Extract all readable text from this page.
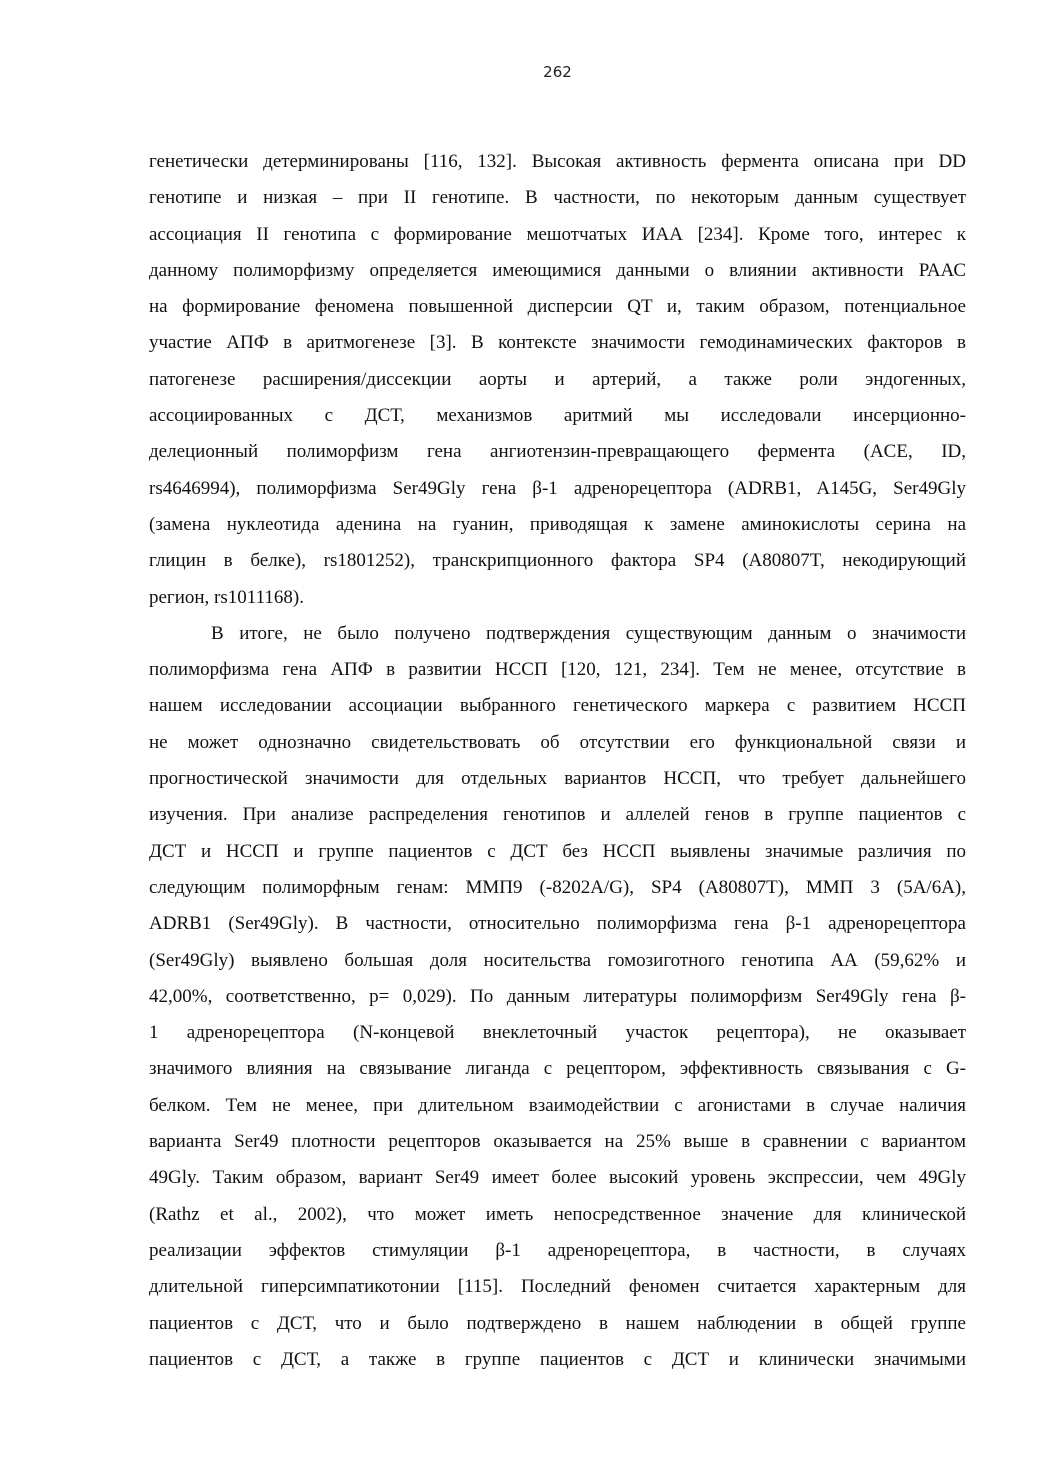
262
генетически детерминированы [116, 132]. Высокая активность фермента описана при DD
генотипе и низкая – при II генотипе. В частности, по некоторым данным существует
ассоциация II генотипа с формирование мешотчатых ИАА [234]. Кроме того, интерес к
данному полиморфизму определяется имеющимися данными о влиянии активности РААС
на формирование феномена повышенной дисперсии QT и, таким образом, потенциальное
участие АПФ в аритмогенезе [3]. В контексте значимости гемодинамических факторов в
патогенезе расширения/диссекции аорты и артерий, а также роли эндогенных,
ассоциированных с ДСТ, механизмов аритмий мы исследовали инсерционно-
делеционный полиморфизм гена ангиотензин-превращающего фермента (ACE, ID,
rs4646994), полиморфизма Ser49Gly гена β-1 адренорецептора (ADRB1, A145G, Ser49Gly
(замена нуклеотида аденина на гуанин, приводящая к замене аминокислоты серина на
глицин в белке), rs1801252), транскрипционного фактора SP4 (A80807T, некодирующий
регион, rs1011168).
В итоге, не было получено подтверждения существующим данным о значимости
полиморфизма гена АПФ в развитии НССП [120, 121, 234]. Тем не менее, отсутствие в
нашем исследовании ассоциации выбранного генетического маркера с развитием НССП
не может однозначно свидетельствовать об отсутствии его функциональной связи и
прогностической значимости для отдельных вариантов НССП, что требует дальнейшего
изучения. При анализе распределения генотипов и аллелей генов в группе пациентов с
ДСТ и НССП и группе пациентов с ДСТ без НССП выявлены значимые различия по
следующим полиморфным генам: ММП9 (-8202A/G), SP4 (A80807T), ММП 3 (5A/6A),
ADRB1 (Ser49Gly). В частности, относительно полиморфизма гена β-1 адренорецептора
(Ser49Gly) выявлено большая доля носительства гомозиготного генотипа АА (59,62% и
42,00%, соответственно, p= 0,029). По данным литературы полиморфизм Ser49Gly гена β-
1 адренорецептора (N-концевой внеклеточный участок рецептора), не оказывает
значимого влияния на связывание лиганда с рецептором, эффективность связывания с G-
белком. Тем не менее, при длительном взаимодействии с агонистами в случае наличия
варианта Ser49 плотности рецепторов оказывается на 25% выше в сравнении с вариантом
49Gly. Таким образом, вариант Ser49 имеет более высокий уровень экспрессии, чем 49Gly
(Rathz et al., 2002), что может иметь непосредственное значение для клинической
реализации эффектов стимуляции β-1 адренорецептора, в частности, в случаях
длительной гиперсимпатикотонии [115]. Последний феномен считается характерным для
пациентов с ДСТ, что и было подтверждено в нашем наблюдении в общей группе
пациентов с ДСТ, а также в группе пациентов с ДСТ и клинически значимыми
